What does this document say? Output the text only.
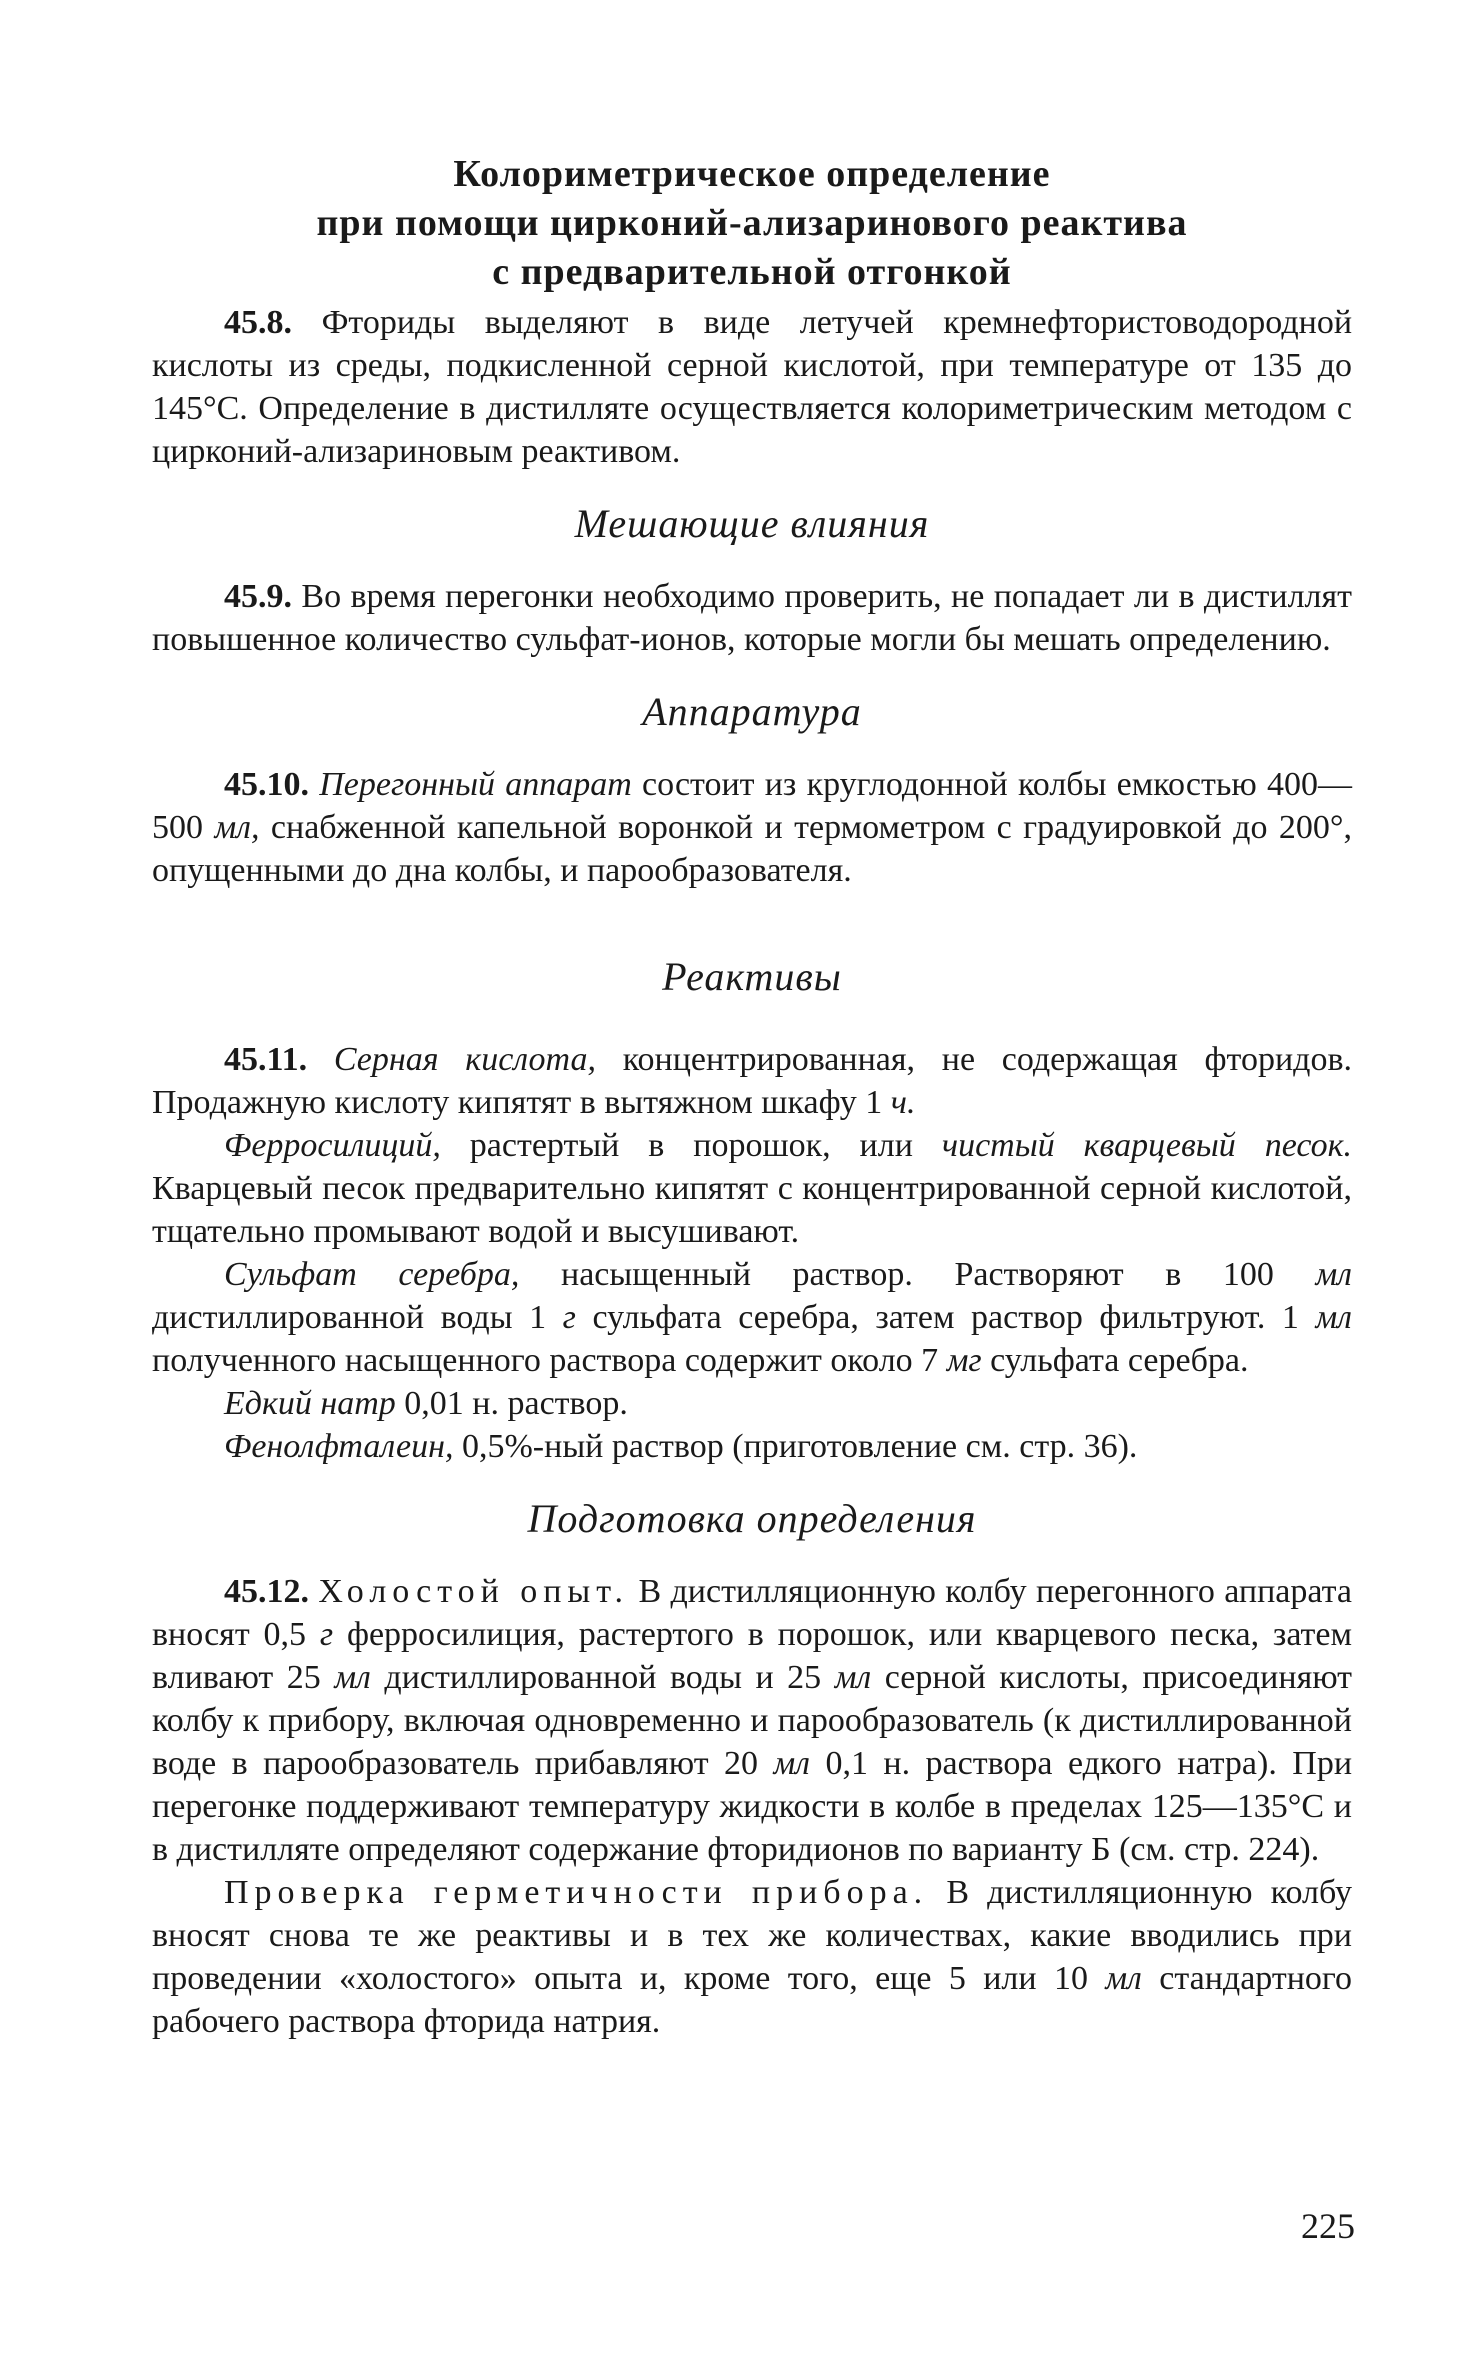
Колориметрическое определение
при помощи цирконий-ализаринового реактива
с предварительной отгонкой

45.8. Фториды выделяют в виде летучей кремнефтористоводородной кислоты из среды, подкисленной серной кислотой, при температуре от 135 до 145°С. Определение в дистилляте осуществляется колориметрическим методом с цирконий-ализариновым реактивом.

Мешающие влияния

45.9. Во время перегонки необходимо проверить, не попадает ли в дистиллят повышенное количество сульфат-ионов, которые могли бы мешать определению.

Аппаратура

45.10. Перегонный аппарат состоит из круглодонной колбы емкостью 400—500 мл, снабженной капельной воронкой и термометром с градуировкой до 200°, опущенными до дна колбы, и парообразователя.

Реактивы

45.11. Серная кислота, концентрированная, не содержащая фторидов. Продажную кислоту кипятят в вытяжном шкафу 1 ч.

Ферросилиций, растертый в порошок, или чистый кварцевый песок. Кварцевый песок предварительно кипятят с концентрированной серной кислотой, тщательно промывают водой и высушивают.

Сульфат серебра, насыщенный раствор. Растворяют в 100 мл дистиллированной воды 1 г сульфата серебра, затем раствор фильтруют. 1 мл полученного насыщенного раствора содержит около 7 мг сульфата серебра.

Едкий натр 0,01 н. раствор.

Фенолфталеин, 0,5%-ный раствор (приготовление см. стр. 36).

Подготовка определения

45.12. Холостой опыт. В дистилляционную колбу перегонного аппарата вносят 0,5 г ферросилиция, растертого в порошок, или кварцевого песка, затем вливают 25 мл дистиллированной воды и 25 мл серной кислоты, присоединяют колбу к прибору, включая одновременно и парообразователь (к дистиллированной воде в парообразователь прибавляют 20 мл 0,1 н. раствора едкого натра). При перегонке поддерживают температуру жидкости в колбе в пределах 125—135°С и в дистилляте определяют содержание фторидионов по варианту Б (см. стр. 224).

Проверка герметичности прибора. В дистилляционную колбу вносят снова те же реактивы и в тех же количествах, какие вводились при проведении «холостого» опыта и, кроме того, еще 5 или 10 мл стандартного рабочего раствора фторида натрия.

225
